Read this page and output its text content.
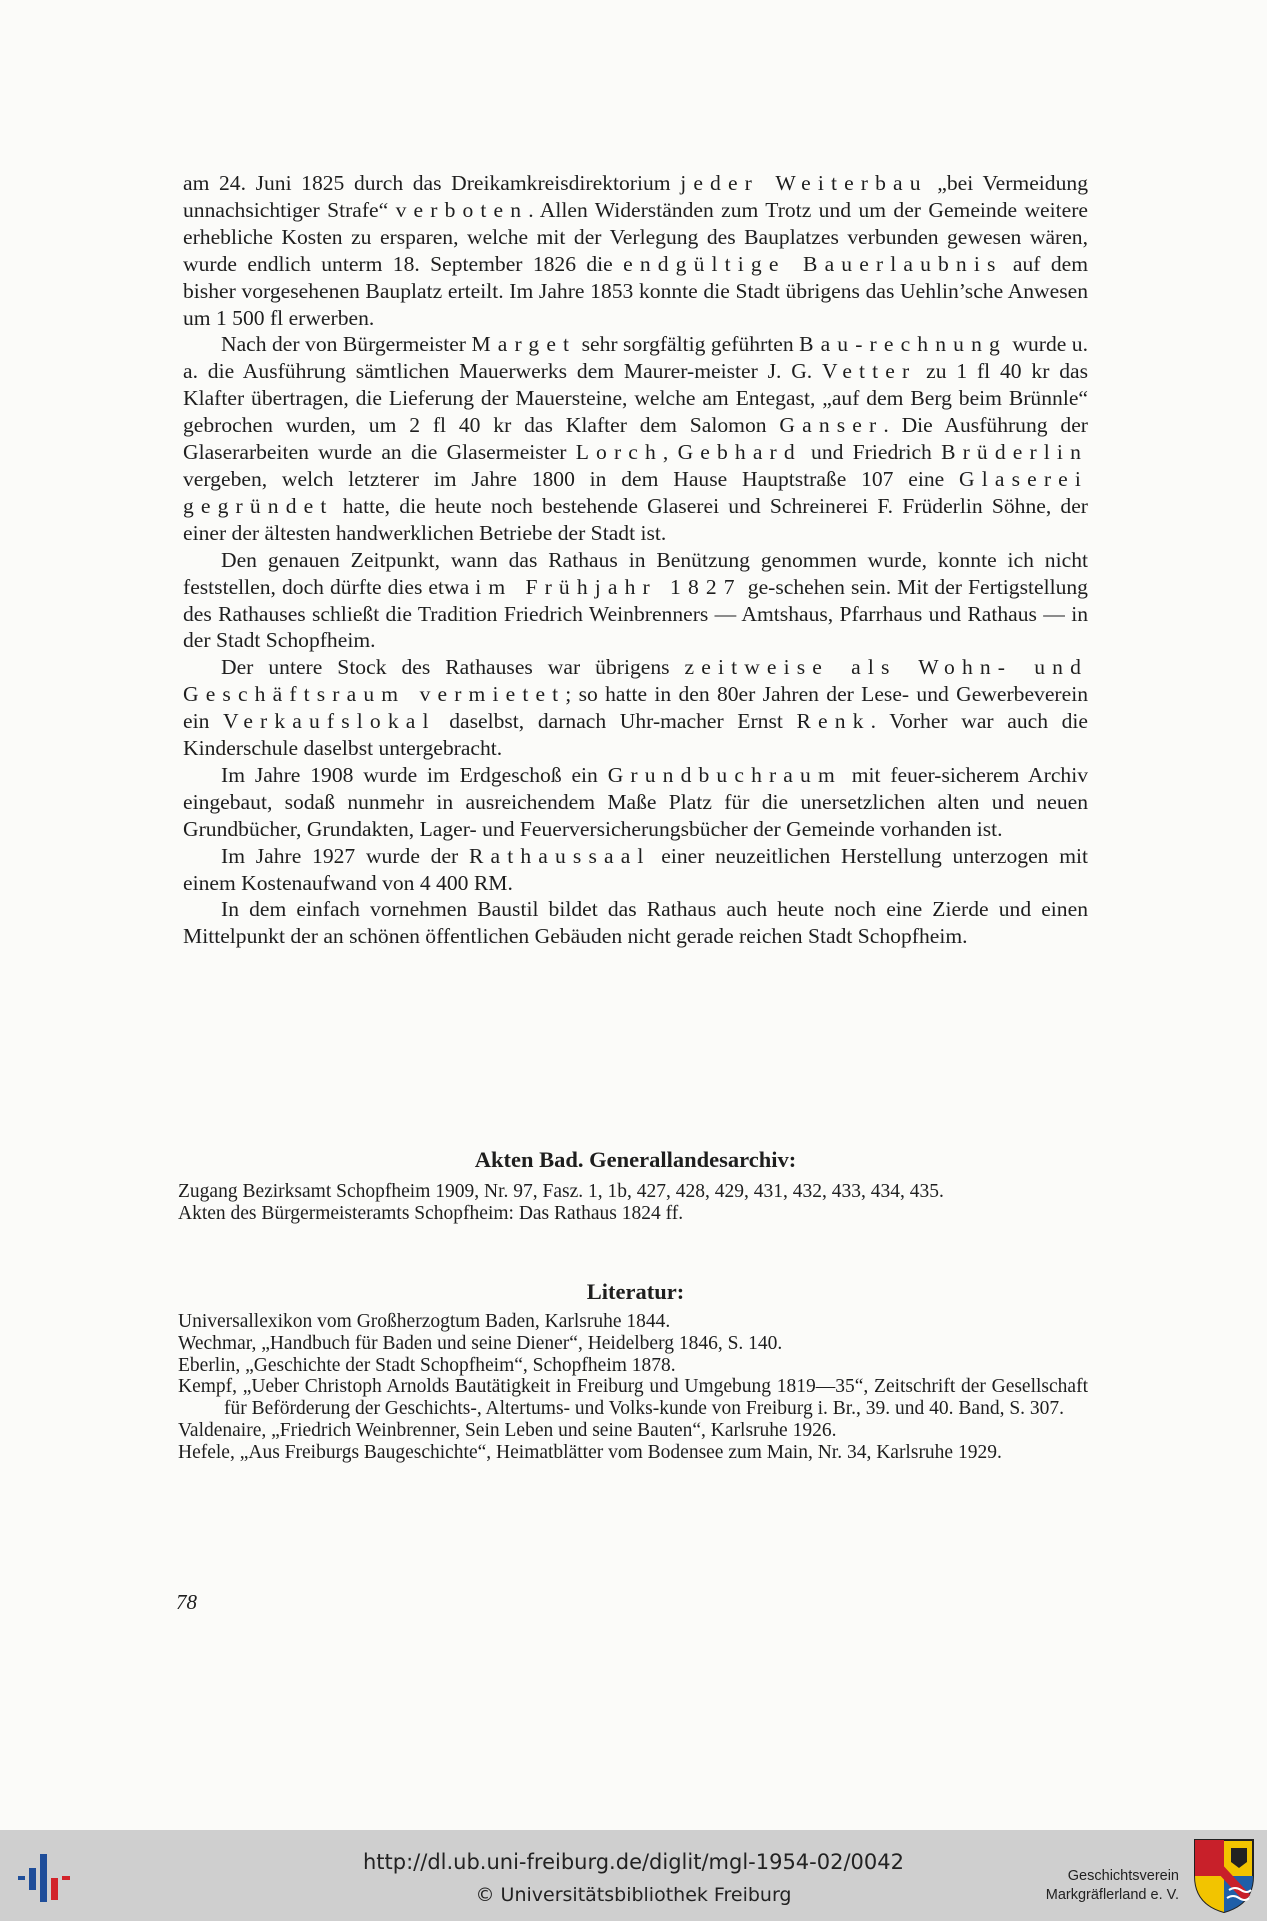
am 24. Juni 1825 durch das Dreikamkreisdirektorium jeder Weiterbau „bei Vermeidung unnachsichtiger Strafe“ verboten. Allen Widerständen zum Trotz und um der Gemeinde weitere erhebliche Kosten zu ersparen, welche mit der Verlegung des Bauplatzes verbunden gewesen wären, wurde endlich unterm 18. September 1826 die endgültige Bauerlaubnis auf dem bisher vorgesehenen Bauplatz erteilt. Im Jahre 1853 konnte die Stadt übrigens das Uehlin’sche Anwesen um 1 500 fl erwerben.

Nach der von Bürgermeister Marget sehr sorgfältig geführten Bau-rechnung wurde u. a. die Ausführung sämtlichen Mauerwerks dem Maurer-meister J. G. Vetter zu 1 fl 40 kr das Klafter übertragen, die Lieferung der Mauersteine, welche am Entegast, „auf dem Berg beim Brünnle“ gebrochen wurden, um 2 fl 40 kr das Klafter dem Salomon Ganser. Die Ausführung der Glaserarbeiten wurde an die Glasermeister Lorch, Gebhard und Friedrich Brüderlin vergeben, welch letzterer im Jahre 1800 in dem Hause Hauptstraße 107 eine Glaserei gegründet hatte, die heute noch bestehende Glaserei und Schreinerei F. Früderlin Söhne, der einer der ältesten handwerklichen Betriebe der Stadt ist.

Den genauen Zeitpunkt, wann das Rathaus in Benützung genommen wurde, konnte ich nicht feststellen, doch dürfte dies etwa im Frühjahr 1827 ge-schehen sein. Mit der Fertigstellung des Rathauses schließt die Tradition Friedrich Weinbrenners — Amtshaus, Pfarrhaus und Rathaus — in der Stadt Schopfheim.

Der untere Stock des Rathauses war übrigens zeitweise als Wohn- und Geschäftsraum vermietet; so hatte in den 80er Jahren der Lese- und Gewerbeverein ein Verkaufslokal daselbst, darnach Uhr-macher Ernst Renk. Vorher war auch die Kinderschule daselbst untergebracht.

Im Jahre 1908 wurde im Erdgeschoß ein Grundbuchraum mit feuer-sicherem Archiv eingebaut, sodaß nunmehr in ausreichendem Maße Platz für die unersetzlichen alten und neuen Grundbücher, Grundakten, Lager- und Feuerversicherungsbücher der Gemeinde vorhanden ist.

Im Jahre 1927 wurde der Rathaussaal einer neuzeitlichen Herstellung unterzogen mit einem Kostenaufwand von 4 400 RM.

In dem einfach vornehmen Baustil bildet das Rathaus auch heute noch eine Zierde und einen Mittelpunkt der an schönen öffentlichen Gebäuden nicht gerade reichen Stadt Schopfheim.

Akten Bad. Generallandesarchiv:

Zugang Bezirksamt Schopfheim 1909, Nr. 97, Fasz. 1, 1b, 427, 428, 429, 431, 432, 433, 434, 435.

Akten des Bürgermeisteramts Schopfheim: Das Rathaus 1824 ff.

Literatur:

Universallexikon vom Großherzogtum Baden, Karlsruhe 1844.

Wechmar, „Handbuch für Baden und seine Diener“, Heidelberg 1846, S. 140.

Eberlin, „Geschichte der Stadt Schopfheim“, Schopfheim 1878.

Kempf, „Ueber Christoph Arnolds Bautätigkeit in Freiburg und Umgebung 1819—35“, Zeitschrift der Gesellschaft für Beförderung der Geschichts-, Altertums- und Volks-kunde von Freiburg i. Br., 39. und 40. Band, S. 307.

Valdenaire, „Friedrich Weinbrenner, Sein Leben und seine Bauten“, Karlsruhe 1926.

Hefele, „Aus Freiburgs Baugeschichte“, Heimatblätter vom Bodensee zum Main, Nr. 34, Karlsruhe 1929.

78

http://dl.ub.uni-freiburg.de/diglit/mgl-1954-02/0042
© Universitätsbibliothek Freiburg
Geschichtsverein
Markgräflerland e. V.
